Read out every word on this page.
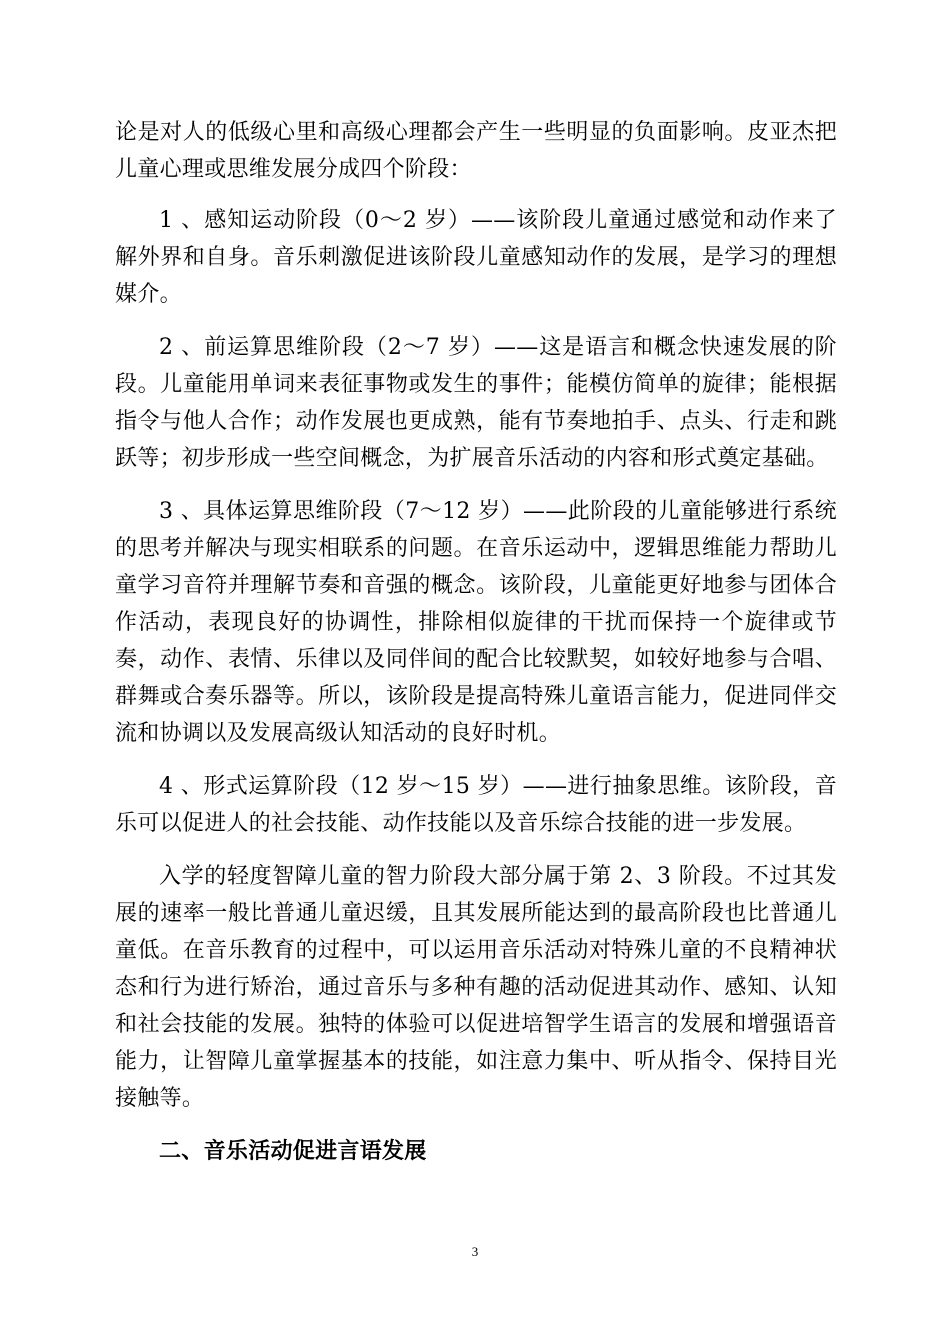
论是对人的低级心里和高级心理都会产生一些明显的负面影响。皮亚杰把儿童心理或思维发展分成四个阶段：

1 、感知运动阶段（0～2 岁）——该阶段儿童通过感觉和动作来了解外界和自身。音乐刺激促进该阶段儿童感知动作的发展，是学习的理想媒介。

2 、前运算思维阶段（2～7 岁）——这是语言和概念快速发展的阶段。儿童能用单词来表征事物或发生的事件；能模仿简单的旋律；能根据指令与他人合作；动作发展也更成熟，能有节奏地拍手、点头、行走和跳跃等；初步形成一些空间概念，为扩展音乐活动的内容和形式奠定基础。

3 、具体运算思维阶段（7～12 岁）——此阶段的儿童能够进行系统的思考并解决与现实相联系的问题。在音乐运动中，逻辑思维能力帮助儿童学习音符并理解节奏和音强的概念。该阶段，儿童能更好地参与团体合作活动，表现良好的协调性，排除相似旋律的干扰而保持一个旋律或节奏，动作、表情、乐律以及同伴间的配合比较默契，如较好地参与合唱、群舞或合奏乐器等。所以，该阶段是提高特殊儿童语言能力，促进同伴交流和协调以及发展高级认知活动的良好时机。

4 、形式运算阶段（12 岁～15 岁）——进行抽象思维。该阶段，音乐可以促进人的社会技能、动作技能以及音乐综合技能的进一步发展。

入学的轻度智障儿童的智力阶段大部分属于第 2、3 阶段。不过其发展的速率一般比普通儿童迟缓，且其发展所能达到的最高阶段也比普通儿童低。在音乐教育的过程中，可以运用音乐活动对特殊儿童的不良精神状态和行为进行矫治，通过音乐与多种有趣的活动促进其动作、感知、认知和社会技能的发展。独特的体验可以促进培智学生语言的发展和增强语音能力，让智障儿童掌握基本的技能，如注意力集中、听从指令、保持目光接触等。

二、音乐活动促进言语发展

3
